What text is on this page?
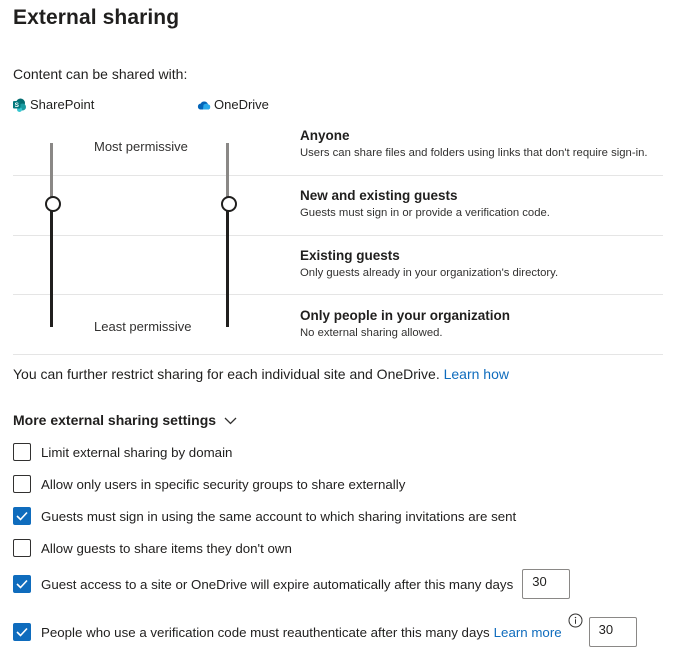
External sharing
Content can be shared with:
S SharePoint	OneDrive
Most permissive
Least permissive
Anyone
Users can share files and folders using links that don't require sign-in.
New and existing guests
Guests must sign in or provide a verification code.
Existing guests
Only guests already in your organization's directory.
Only people in your organization
No external sharing allowed.
You can further restrict sharing for each individual site and OneDrive. Learn how
More external sharing settings
Limit external sharing by domain
Allow only users in specific security groups to share externally
Guests must sign in using the same account to which sharing invitations are sent
Allow guests to share items they don't own
Guest access to a site or OneDrive will expire automatically after this many days	30
People who use a verification code must reauthenticate after this many days Learn more	30
